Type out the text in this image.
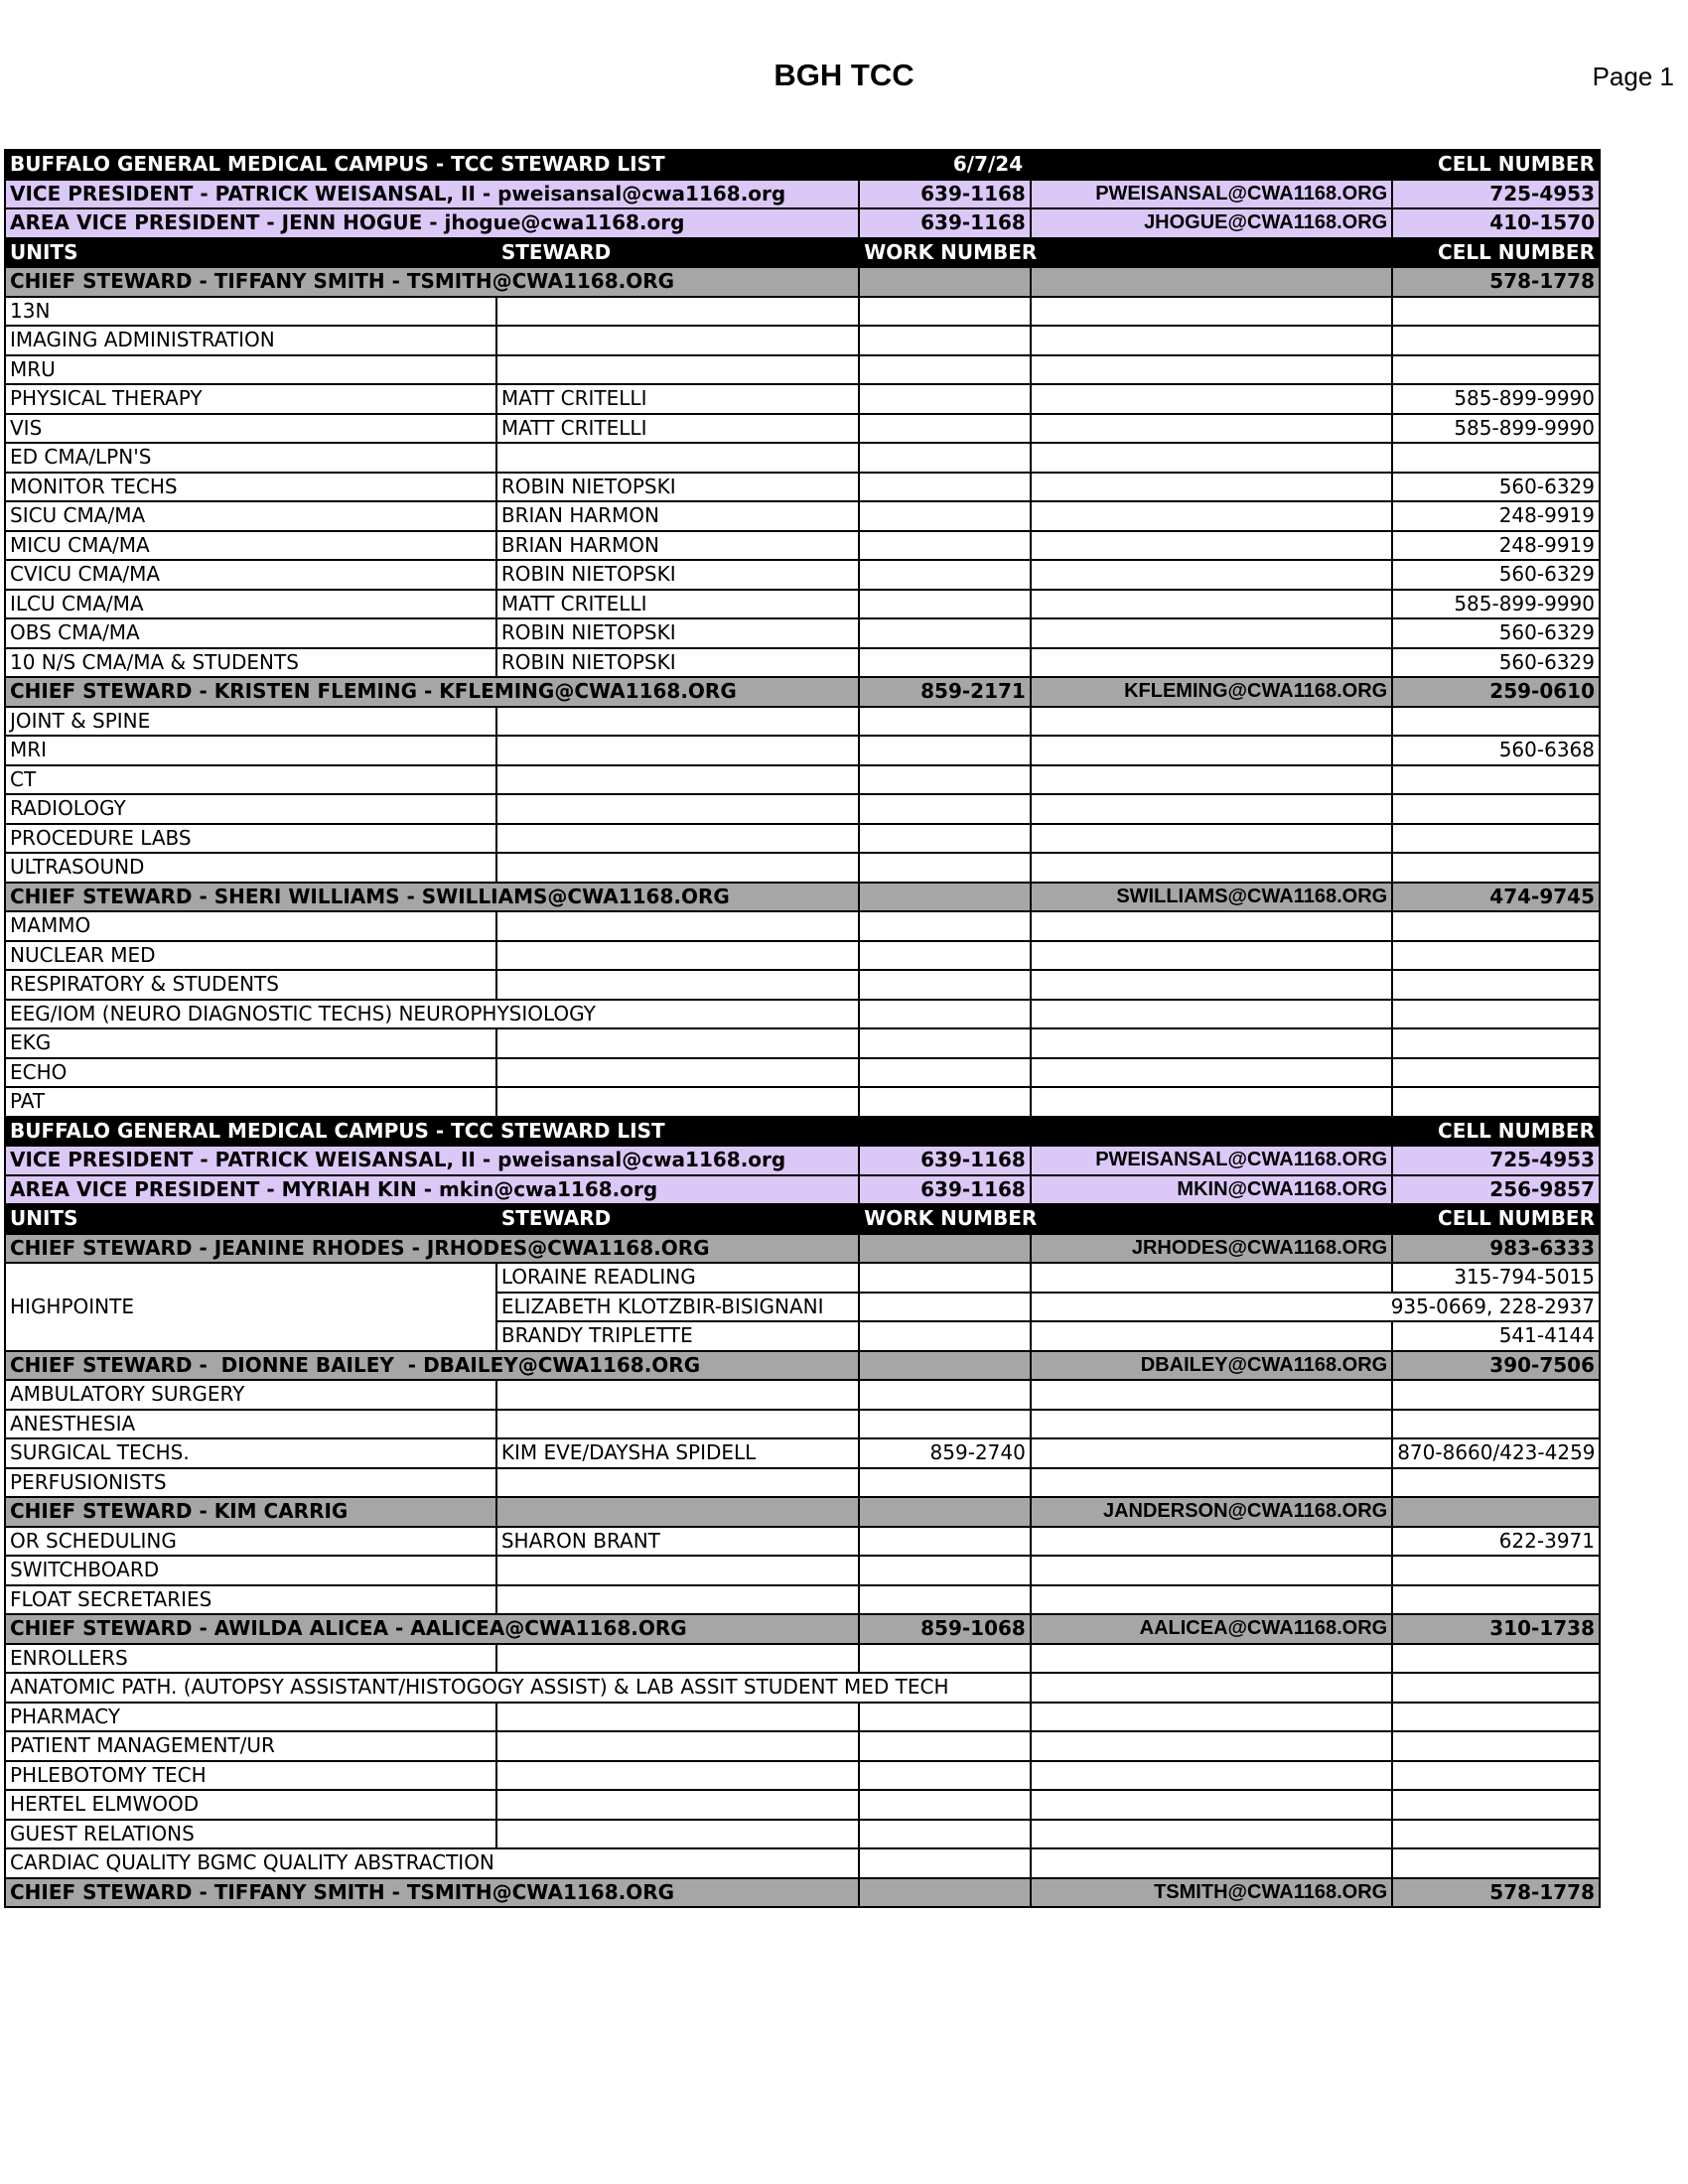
BGH TCC	Page 1
BUFFALO GENERAL MEDICAL CAMPUS - TCC STEWARD LIST			6/7/24	CELL NUMBER
VICE PRESIDENT - PATRICK WEISANSAL, II - pweisansal@cwa1168.org		639-1168	PWEISANSAL@CWA1168.ORG	725-4953
AREA VICE PRESIDENT - JENN HOGUE - jhogue@cwa1168.org		639-1168	JHOGUE@CWA1168.ORG	410-1570
UNITS	STEWARD	WORK NUMBER		CELL NUMBER
CHIEF STEWARD - TIFFANY SMITH - TSMITH@CWA1168.ORG				578-1778
13N				
IMAGING ADMINISTRATION				
MRU				
PHYSICAL THERAPY	MATT CRITELLI			585-899-9990
VIS	MATT CRITELLI			585-899-9990
ED CMA/LPN'S				
MONITOR TECHS	ROBIN NIETOPSKI			560-6329
SICU CMA/MA	BRIAN HARMON			248-9919
MICU CMA/MA	BRIAN HARMON			248-9919
CVICU CMA/MA	ROBIN NIETOPSKI			560-6329
ILCU CMA/MA	MATT CRITELLI			585-899-9990
OBS CMA/MA	ROBIN NIETOPSKI			560-6329
10 N/S CMA/MA & STUDENTS	ROBIN NIETOPSKI			560-6329
CHIEF STEWARD - KRISTEN FLEMING - KFLEMING@CWA1168.ORG		859-2171	KFLEMING@CWA1168.ORG	259-0610
JOINT & SPINE				
MRI				560-6368
CT				
RADIOLOGY				
PROCEDURE LABS				
ULTRASOUND				
CHIEF STEWARD - SHERI WILLIAMS - SWILLIAMS@CWA1168.ORG			SWILLIAMS@CWA1168.ORG	474-9745
MAMMO				
NUCLEAR MED				
RESPIRATORY & STUDENTS				
EEG/IOM (NEURO DIAGNOSTIC TECHS) NEUROPHYSIOLOGY				
EKG				
ECHO				
PAT				
BUFFALO GENERAL MEDICAL CAMPUS - TCC STEWARD LIST				CELL NUMBER
VICE PRESIDENT - PATRICK WEISANSAL, II - pweisansal@cwa1168.org		639-1168	PWEISANSAL@CWA1168.ORG	725-4953
AREA VICE PRESIDENT - MYRIAH KIN - mkin@cwa1168.org		639-1168	MKIN@CWA1168.ORG	256-9857
UNITS	STEWARD	WORK NUMBER		CELL NUMBER
CHIEF STEWARD - JEANINE RHODES - JRHODES@CWA1168.ORG			JRHODES@CWA1168.ORG	983-6333
HIGHPOINTE	LORAINE READLING			315-794-5015
	ELIZABETH KLOTZBIR-BISIGNANI		935-0669, 228-2937	
	BRANDY TRIPLETTE			541-4144
CHIEF STEWARD -  DIONNE BAILEY  - DBAILEY@CWA1168.ORG			DBAILEY@CWA1168.ORG	390-7506
AMBULATORY SURGERY				
ANESTHESIA				
SURGICAL TECHS.	KIM EVE/DAYSHA SPIDELL	859-2740		870-8660/423-4259
PERFUSIONISTS				
CHIEF STEWARD - KIM CARRIG			JANDERSON@CWA1168.ORG	
OR SCHEDULING	SHARON BRANT			622-3971
SWITCHBOARD				
FLOAT SECRETARIES				
CHIEF STEWARD - AWILDA ALICEA - AALICEA@CWA1168.ORG		859-1068	AALICEA@CWA1168.ORG	310-1738
ENROLLERS				
ANATOMIC PATH. (AUTOPSY ASSISTANT/HISTOGOGY ASSIST) & LAB ASSIT STUDENT MED TECH				
PHARMACY				
PATIENT MANAGEMENT/UR				
PHLEBOTOMY TECH				
HERTEL ELMWOOD				
GUEST RELATIONS				
CARDIAC QUALITY BGMC QUALITY ABSTRACTION				
CHIEF STEWARD - TIFFANY SMITH - TSMITH@CWA1168.ORG			TSMITH@CWA1168.ORG	578-1778
